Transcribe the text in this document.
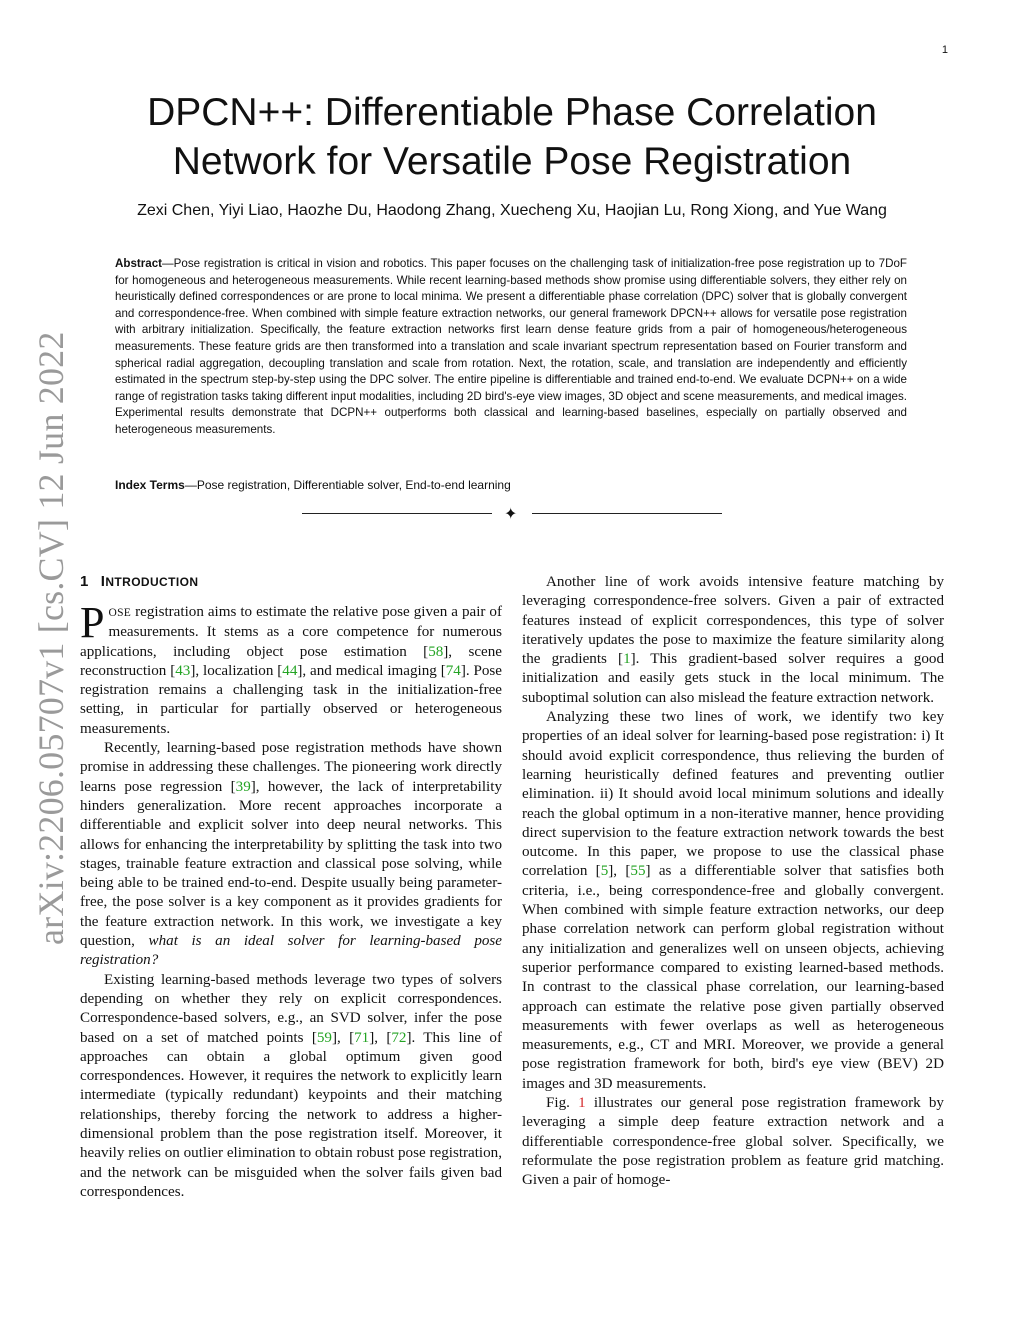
1
arXiv:2206.05707v1 [cs.CV] 12 Jun 2022
DPCN++: Differentiable Phase Correlation
Network for Versatile Pose Registration
Zexi Chen, Yiyi Liao, Haozhe Du, Haodong Zhang, Xuecheng Xu, Haojian Lu, Rong Xiong, and Yue Wang

Abstract—Pose registration is critical in vision and robotics. This paper focuses on the challenging task of initialization-free pose registration up to 7DoF for homogeneous and heterogeneous measurements. While recent learning-based methods show promise using differentiable solvers, they either rely on heuristically defined correspondences or are prone to local minima. We present a differentiable phase correlation (DPC) solver that is globally convergent and correspondence-free. When combined with simple feature extraction networks, our general framework DPCN++ allows for versatile pose registration with arbitrary initialization. Specifically, the feature extraction networks first learn dense feature grids from a pair of homogeneous/heterogeneous measurements. These feature grids are then transformed into a translation and scale invariant spectrum representation based on Fourier transform and spherical radial aggregation, decoupling translation and scale from rotation. Next, the rotation, scale, and translation are independently and efficiently estimated in the spectrum step-by-step using the DPC solver. The entire pipeline is differentiable and trained end-to-end. We evaluate DCPN++ on a wide range of registration tasks taking different input modalities, including 2D bird's-eye view images, 3D object and scene measurements, and medical images. Experimental results demonstrate that DCPN++ outperforms both classical and learning-based baselines, especially on partially observed and heterogeneous measurements.

Index Terms—Pose registration, Differentiable solver, End-to-end learning

✦
1 INTRODUCTION

POSE registration aims to estimate the relative pose given a pair of measurements. It stems as a core competence for numerous applications, including object pose estimation [58], scene reconstruction [43], localization [44], and medical imaging [74]. Pose registration remains a challenging task in the initialization-free setting, in particular for partially observed or heterogeneous measurements.

Recently, learning-based pose registration methods have shown promise in addressing these challenges. The pioneering work directly learns pose regression [39], however, the lack of interpretability hinders generalization. More recent approaches incorporate a differentiable and explicit solver into deep neural networks. This allows for enhancing the interpretability by splitting the task into two stages, trainable feature extraction and classical pose solving, while being able to be trained end-to-end. Despite usually being parameter-free, the pose solver is a key component as it provides gradients for the feature extraction network. In this work, we investigate a key question, what is an ideal solver for learning-based pose registration?

Existing learning-based methods leverage two types of solvers depending on whether they rely on explicit correspondences. Correspondence-based solvers, e.g., an SVD solver, infer the pose based on a set of matched points [59], [71], [72]. This line of approaches can obtain a global optimum given good correspondences. However, it requires the network to explicitly learn intermediate (typically redundant) keypoints and their matching relationships, thereby forcing the network to address a higher-dimensional problem than the pose registration itself. Moreover, it heavily relies on outlier elimination to obtain robust pose registration, and the network can be misguided when the solver fails given bad correspondences.

Another line of work avoids intensive feature matching by leveraging correspondence-free solvers. Given a pair of extracted features instead of explicit correspondences, this type of solver iteratively updates the pose to maximize the feature similarity along the gradients [1]. This gradient-based solver requires a good initialization and easily gets stuck in the local minimum. The suboptimal solution can also mislead the feature extraction network.

Analyzing these two lines of work, we identify two key properties of an ideal solver for learning-based pose registration: i) It should avoid explicit correspondence, thus relieving the burden of learning heuristically defined features and preventing outlier elimination. ii) It should avoid local minimum solutions and ideally reach the global optimum in a non-iterative manner, hence providing direct supervision to the feature extraction network towards the best outcome. In this paper, we propose to use the classical phase correlation [5], [55] as a differentiable solver that satisfies both criteria, i.e., being correspondence-free and globally convergent. When combined with simple feature extraction networks, our deep phase correlation network can perform global registration without any initialization and generalizes well on unseen objects, achieving superior performance compared to existing learned-based methods. In contrast to the classical phase correlation, our learning-based approach can estimate the relative pose given partially observed measurements with fewer overlaps as well as heterogeneous measurements, e.g., CT and MRI. Moreover, we provide a general pose registration framework for both, bird's eye view (BEV) 2D images and 3D measurements.

Fig. 1 illustrates our general pose registration framework by leveraging a simple deep feature extraction network and a differentiable correspondence-free global solver. Specifically, we reformulate the pose registration problem as feature grid matching. Given a pair of homoge-
